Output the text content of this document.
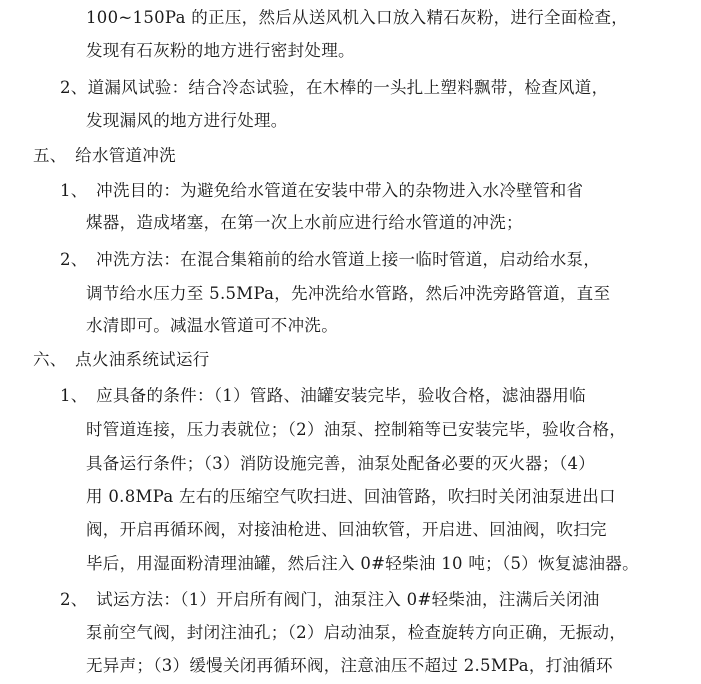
100~150Pa 的正压，然后从送风机入口放入精石灰粉，进行全面检查，
发现有石灰粉的地方进行密封处理。
2、道漏风试验：结合冷态试验，在木棒的一头扎上塑料飘带，检查风道，
发现漏风的地方进行处理。
五、　给水管道冲洗
1、　冲洗目的：为避免给水管道在安装中带入的杂物进入水冷壁管和省
煤器，造成堵塞，在第一次上水前应进行给水管道的冲洗；
2、　冲洗方法：在混合集箱前的给水管道上接一临时管道，启动给水泵，
调节给水压力至 5.5MPa，先冲洗给水管路，然后冲洗旁路管道，直至
水清即可。减温水管道可不冲洗。
六、　点火油系统试运行
1、　应具备的条件：（1）管路、油罐安装完毕，验收合格，滤油器用临
时管道连接，压力表就位；（2）油泵、控制箱等已安装完毕，验收合格，
具备运行条件；（3）消防设施完善，油泵处配备必要的灭火器；（4）
用 0.8MPa 左右的压缩空气吹扫进、回油管路，吹扫时关闭油泵进出口
阀，开启再循环阀，对接油枪进、回油软管，开启进、回油阀，吹扫完
毕后，用湿面粉清理油罐，然后注入 0#轻柴油 10 吨；（5）恢复滤油器。
2、　试运方法：（1）开启所有阀门，油泵注入 0#轻柴油，注满后关闭油
泵前空气阀，封闭注油孔；（2）启动油泵，检查旋转方向正确，无振动，
无异声；（3）缓慢关闭再循环阀，注意油压不超过 2.5MPa，打油循环
